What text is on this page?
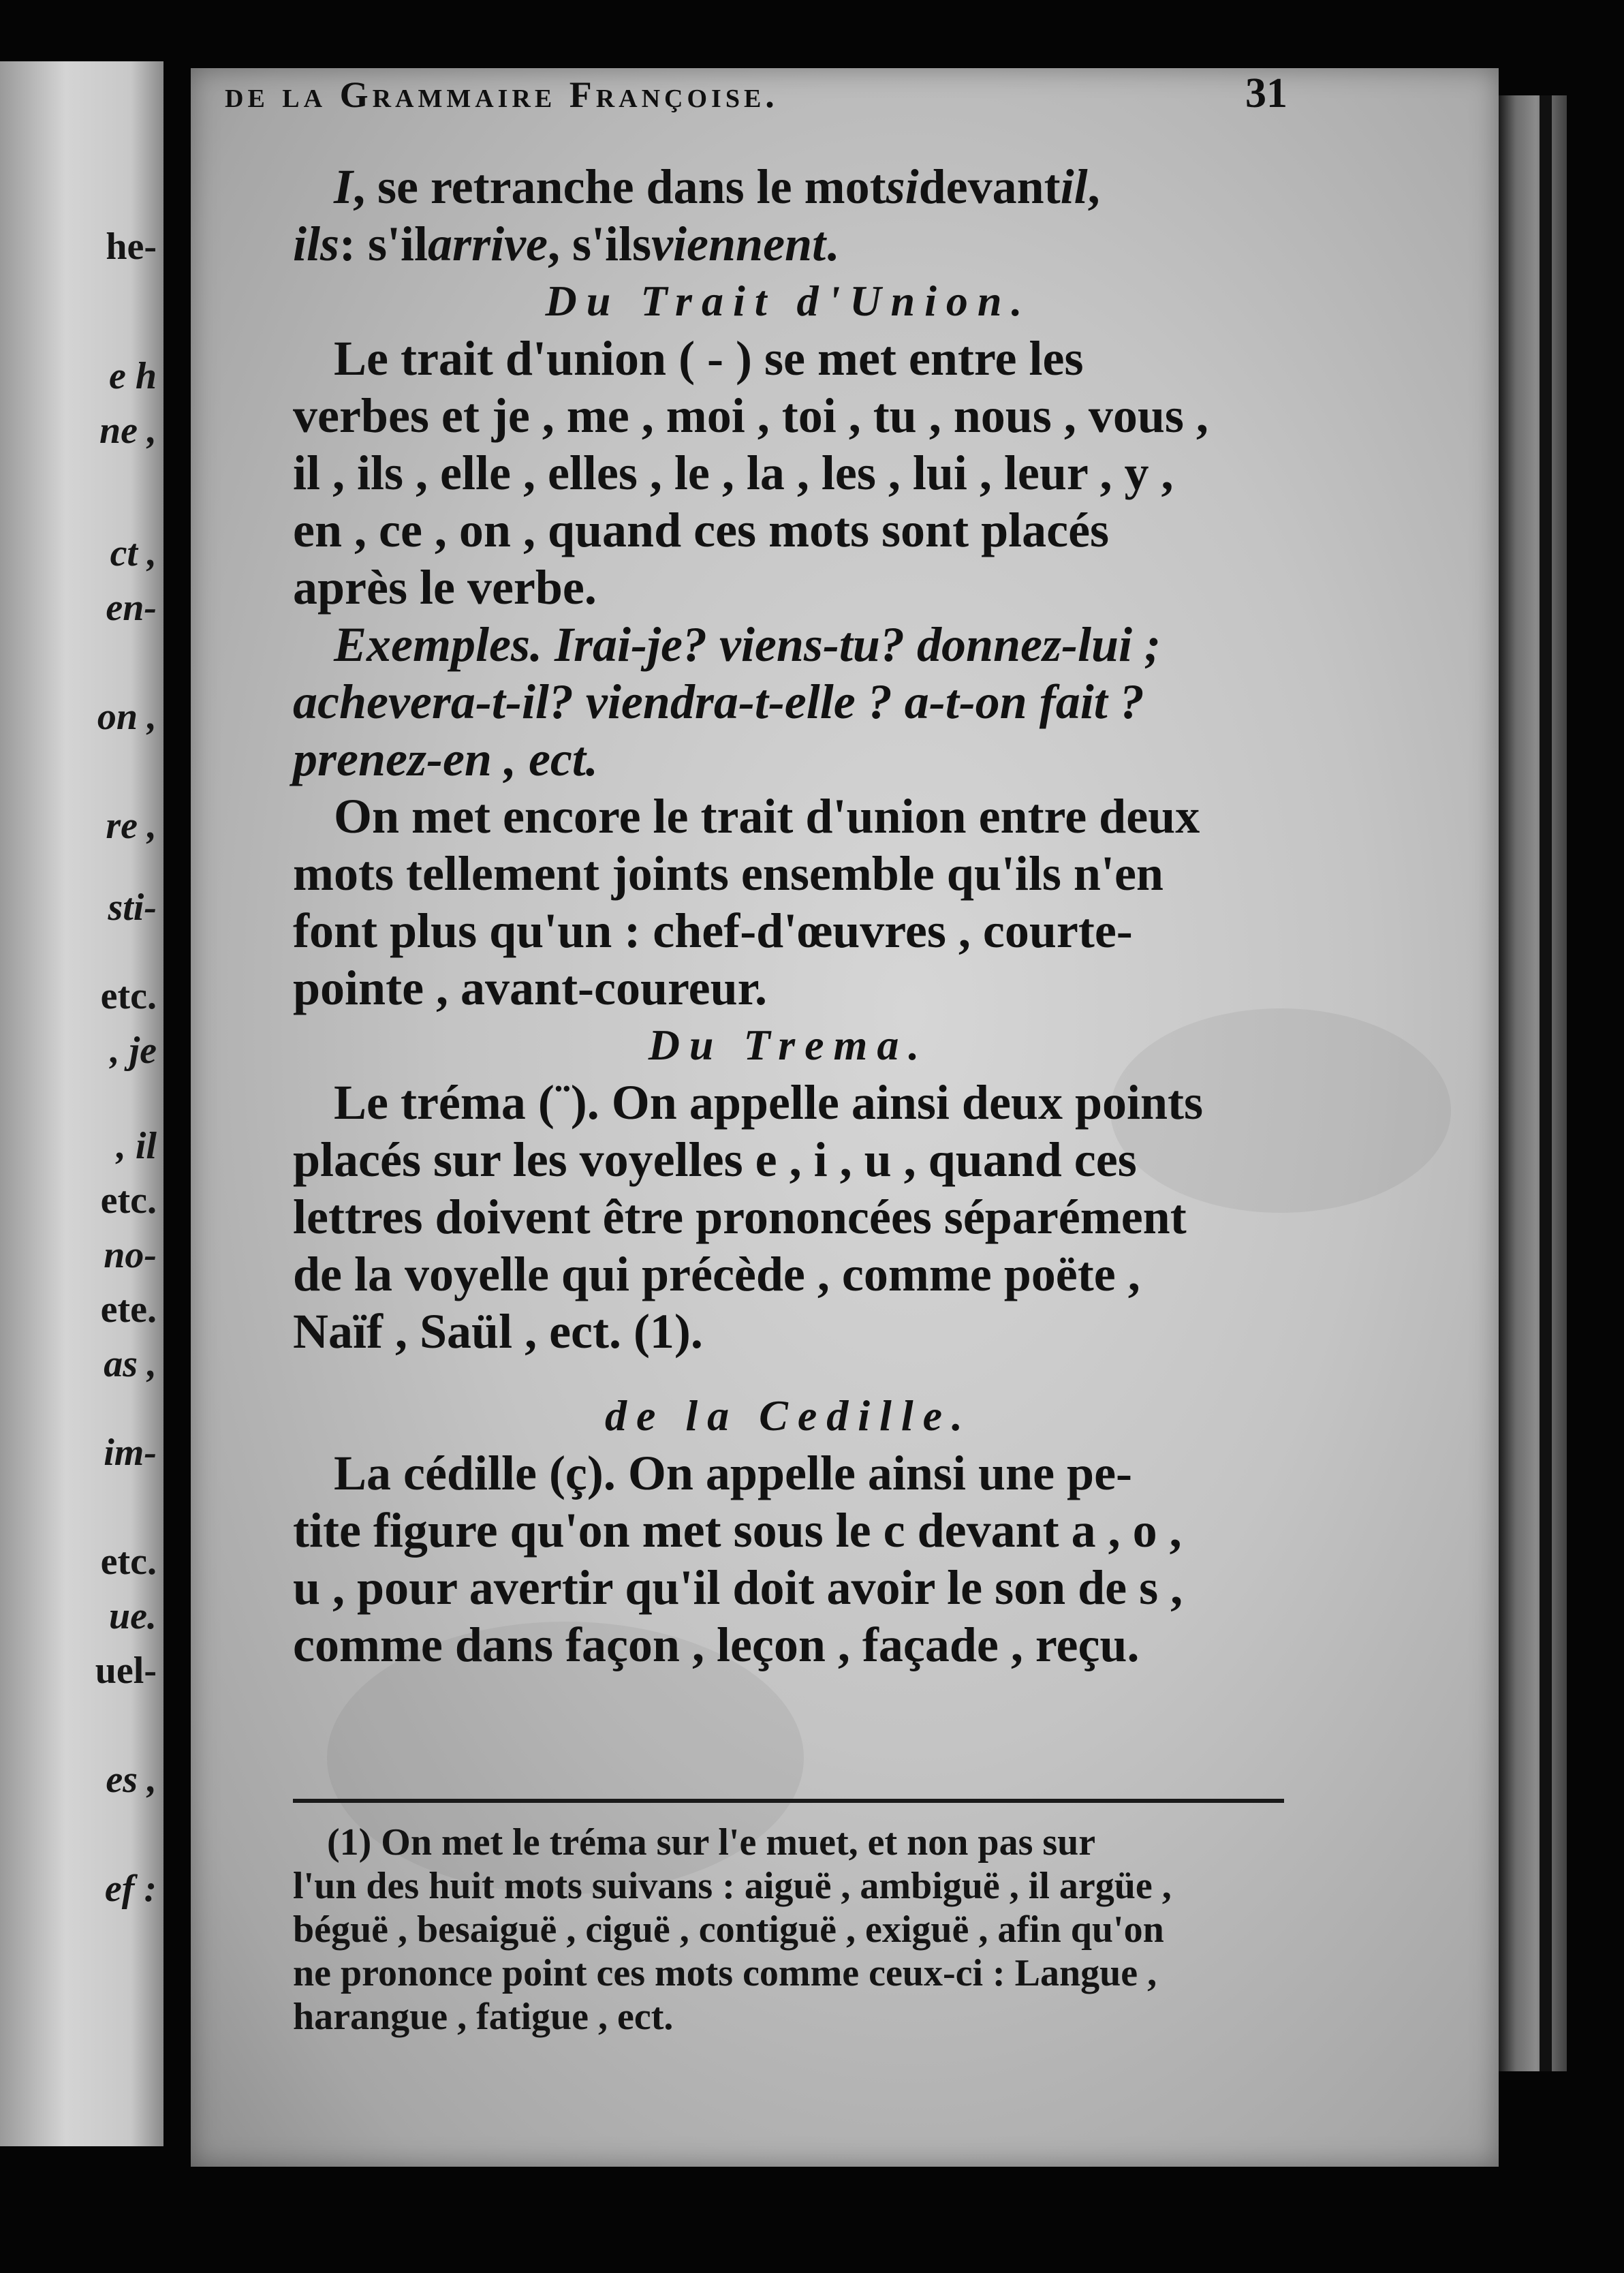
he-
e h
ne ,
ct ,
en-
on ,
re ,
sti-
etc.
, je
, il
etc.
no-
ete.
as ,
im-
etc.
ue.
uel-
es ,
ef :
de la Grammaire Françoise.	31
I, se retranche dans le motsidevantil,
ils: s'ilarrive, s'ilsviennent.
Du Trait d'Union.
Le trait d'union ( - ) se met entre les
verbes et je , me , moi , toi , tu , nous , vous ,
il , ils , elle , elles , le , la , les , lui , leur , y ,
en , ce , on , quand ces mots sont placés
après le verbe.
Exemples. Irai-je? viens-tu? donnez-lui ;
achevera-t-il? viendra-t-elle ? a-t-on fait ?
prenez-en , ect.
On met encore le trait d'union entre deux
mots tellement joints ensemble qu'ils n'en
font plus qu'un : chef-d'œuvres , courte-
pointe , avant-coureur.
Du Trema.
Le tréma (¨). On appelle ainsi deux points
placés sur les voyelles e , i , u , quand ces
lettres doivent être prononcées séparément
de la voyelle qui précède , comme poëte ,
Naïf , Saül , ect. (1).
de la Cedille.
La cédille (ç). On appelle ainsi une pe-
tite figure qu'on met sous le c devant a , o ,
u , pour avertir qu'il doit avoir le son de s ,
comme dans façon , leçon , façade , reçu.
(1) On met le tréma sur l'e muet, et non pas sur
l'un des huit mots suivans : aiguë , ambiguë , il argüe ,
béguë , besaiguë , ciguë , contiguë , exiguë , afin qu'on
ne prononce point ces mots comme ceux-ci : Langue ,
harangue , fatigue , ect.
